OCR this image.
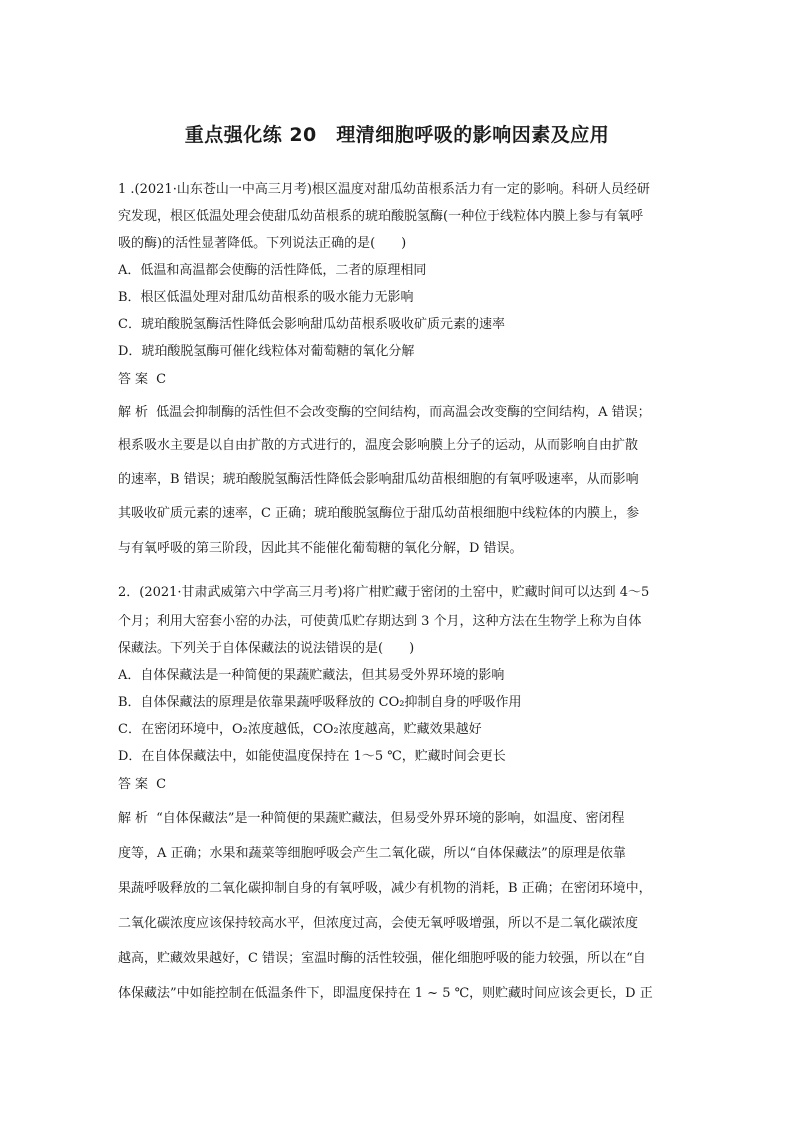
重点强化练 20　理清细胞呼吸的影响因素及应用
1 .(2021·山东苍山一中高三月考)根区温度对甜瓜幼苗根系活力有一定的影响。科研人员经研
究发现，根区低温处理会使甜瓜幼苗根系的琥珀酸脱氢酶(一种位于线粒体内膜上参与有氧呼
吸的酶)的活性显著降低。下列说法正确的是(　　)
A．低温和高温都会使酶的活性降低，二者的原理相同
B．根区低温处理对甜瓜幼苗根系的吸水能力无影响
C．琥珀酸脱氢酶活性降低会影响甜瓜幼苗根系吸收矿质元素的速率
D．琥珀酸脱氢酶可催化线粒体对葡萄糖的氧化分解
答案 C
解析 低温会抑制酶的活性但不会改变酶的空间结构，而高温会改变酶的空间结构，A 错误；
根系吸水主要是以自由扩散的方式进行的，温度会影响膜上分子的运动，从而影响自由扩散
的速率，B 错误；琥珀酸脱氢酶活性降低会影响甜瓜幼苗根细胞的有氧呼吸速率，从而影响
其吸收矿质元素的速率，C 正确；琥珀酸脱氢酶位于甜瓜幼苗根细胞中线粒体的内膜上，参
与有氧呼吸的第三阶段，因此其不能催化葡萄糖的氧化分解，D 错误。
2．(2021·甘肃武威第六中学高三月考)将广柑贮藏于密闭的土窑中，贮藏时间可以达到 4～5
个月；利用大窑套小窑的办法，可使黄瓜贮存期达到 3 个月，这种方法在生物学上称为自体
保藏法。下列关于自体保藏法的说法错误的是(　　)
A．自体保藏法是一种简便的果蔬贮藏法，但其易受外界环境的影响
B．自体保藏法的原理是依靠果蔬呼吸释放的 CO₂抑制自身的呼吸作用
C．在密闭环境中，O₂浓度越低，CO₂浓度越高，贮藏效果越好
D．在自体保藏法中，如能使温度保持在 1～5 ℃，贮藏时间会更长
答案 C
解析 “自体保藏法”是一种简便的果蔬贮藏法，但易受外界环境的影响，如温度、密闭程
度等，A 正确；水果和蔬菜等细胞呼吸会产生二氧化碳，所以“自体保藏法”的原理是依靠
果蔬呼吸释放的二氧化碳抑制自身的有氧呼吸，减少有机物的消耗，B 正确；在密闭环境中，
二氧化碳浓度应该保持较高水平，但浓度过高，会使无氧呼吸增强，所以不是二氧化碳浓度
越高，贮藏效果越好，C 错误；室温时酶的活性较强，催化细胞呼吸的能力较强，所以在“自
体保藏法”中如能控制在低温条件下，即温度保持在 1 ~ 5 ℃，则贮藏时间应该会更长，D 正
